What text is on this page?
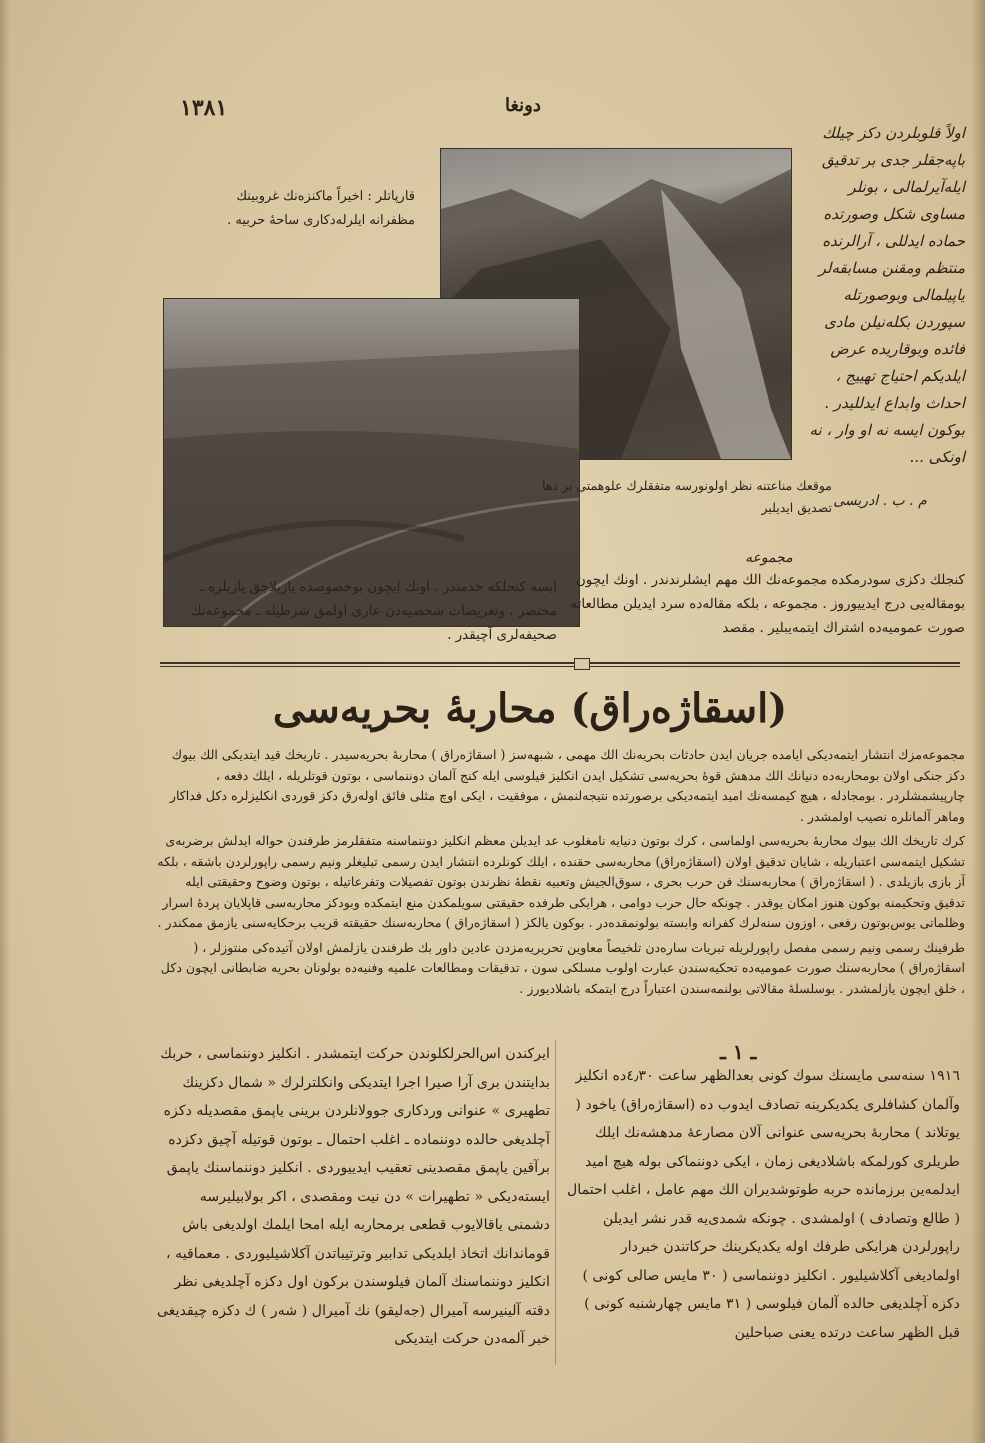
١٣٨١	دونغا
قارپاتلر : اخیراً ماکنزه‌نك غروبینك مظفرانه ایلرله‌دکاری ساحهٔ حربیه .
موقعك مناعتنه نظر اولونورسه متفقلرك علوهمتی بر دها تصدیق ایدیلیر
اولاً قلوبلردن دکز چیلك باپه‌جقلر جدی بر تدقیق ایله‌آیرلمالی ، بونلر مساوی شکل وصورتده حماده ایدللی ، آرالرنده منتظم ومقنن مسابقه‌لر یاپیلمالی وبوصورتله سپوردن بکله‌نیلن مادی فائده وبوقاریده عرض ایلدیکم احتیاج تهییج ، احداث وابداع ایدللیدر . بوکون ایسه نه او وار ، نه اونکی ...
م . ب . ادریسی
مجموعه
کنجلك دکزی سودرمکده مجموعه‌نك الك مهم ایشلرندندر . اونك ایچون بومقاله‌یی درج ایدییوروز . مجموعه ، بلکه مقاله‌ده سرد ایدیلن مطالعاته صورت عمومیه‌ده اشتراك ایتمه‌یبلیر . مقصد
ایسه کنجلکه خدمتدر . اونك ایچون بوخصوصده یازیلاجق یازیلره ـ مختصر ، وتعریضات شخصیه‌دن عاری اولمق شرطیله ـ مجموعه‌نك صحیفه‌لری آچیقدر .
(اسقاژه‌راق) محاربهٔ بحریه‌سی

مجموعه‌مزك انتشار ایتمه‌دیکی ایامده جریان ایدن حادثات بحریه‌نك الك مهمی ، شبهه‌سز ( اسقاژه‌راق ) محاربهٔ بحریه‌سیدر . تاریخك قید ایتدیکی الك بیوك دکز جنکی اولان بومحاربه‌ده دنیانك الك مدهش قوهٔ بحریه‌سی تشکیل ایدن انکلیز فیلوسی ایله کنج آلمان دوننماسی ، بوتون قوتلریله ، ایلك دفعه ، چارپیشمشلردر . بومجادله ، هیچ کیمسه‌نك امید ایتمه‌دیکی برصورتده نتیجه‌لنمش ، موفقیت ، ایکی اوچ مثلی فائق اوله‌رق دکز قوردی انکلیزلره دکل فداکار وماهر آلمانلره نصیب اولمشدر .

کرك تاریخك الك بیوك محاربهٔ بحریه‌سی اولماسی ، کرك بوتون دنیایه نامغلوب عد ایدیلن معظم انکلیز دوننماسنه متفقلرمز طرفندن حواله ایدلش برضربه‌ی تشکیل ایتمه‌سی اعتباریله ، شایان تدقیق اولان (اسقاژه‌راق) محاربه‌سی حقنده ، ایلك کونلرده انتشار ایدن رسمی تبلیغلر ونیم رسمی راپورلردن باشقه ، بلکه آز بازی بازیلدی . ( اسقاژه‌راق ) محاربه‌سنك فن حرب بحری ، سوق‌الجیش وتعبیه نقطهٔ نظرندن بوتون تفصیلات وتفرعاتیله ، بوتون وضوح وحقیقتی ایله تدقیق وتحکیمنه بوکون هنوز امکان یوقدر . چونکه حال حرب دوامی ، هرایکی طرفده حقیقتی سویلمکدن منع ایتمکده وبودکز محاربه‌سی قاپلایان پردهٔ اسرار وظلماتی یوس‌بوتون رفعی ، اوزون سنه‌لرك کفرانه وابسته بولونمقده‌در . بوکون یالکز ( اسقاژه‌راق ) محاربه‌سنك حقیقته قریب برحکایه‌سنی یازمق ممکندر .

طرفینك رسمی ونیم رسمی مفصل راپورلریله تبریات ساره‌دن تلخیصاً معاوین تحریریه‌مزدن عادین داور بك طرفندن یازلمش اولان آتیده‌کی منتوزلر ، ( اسقاژه‌راق ) محاربه‌سنك صورت عمومیه‌ده تحکیه‌سندن عبارت اولوب مسلکی سون ، تدقیقات ومطالعات علمیه وفنیه‌ده بولونان بحریه ضابطانی ایچون دکل ، خلق ایچون یازلمشدر . بوسلسلهٔ مقالاتی بولنمه‌سندن اعتباراً درج ایتمکه باشلادیورز .

ـ ١ ـ
١٩١٦ سنه‌سی مایسنك سوك کونی بعدالظهر ساعت ٤٫٣٠ده انکلیز وآلمان کشافلری یکدیکرینه تصادف ایدوب ده (اسقاژه‌راق) یاخود ( یوتلاند ) محاربهٔ بحریه‌سی عنوانی آلان مصارعهٔ مدهشه‌نك ایلك طریلری کورلمکه باشلادیغی زمان ، ایکی دوننماکی بوله هیچ امید ایدلمه‌ین برزمانده حربه طوتوشدیران الك مهم عامل ، اغلب احتمال ( طالع وتصادف ) اولمشدی . چونکه شمدی‌یه قدر نشر ایدیلن راپورلردن هرایکی طرفك اوله‌ یکدیکرینك حرکاتندن خبردار اولمادیغی آکلاشیلیور . انکلیز دوننماسی ( ٣٠ مایس صالی کونی ) دکزه آچلدیغی حالده آلمان فیلوسی ( ٣١ مایس چهارشنبه کونی ) قبل الظهر ساعت درتده یعنی صباحلین
ایرکندن اس‌الحرلکلوندن حرکت ایتمشدر . انکلیز دوننماسی ، حربك بدایتندن بری آرا صیرا اجرا ایتدیکی وانکلترلرك « شمال دکزینك تطهیری » عنوانی وردکاری جوولانلردن برینی یاپمق مقصدیله دکزه آچلدیغی حالده دوننماده ـ اغلب احتمال ـ بوتون قوتیله آچیق دکزده برآقین یاپمق مقصدینی تعقیب ایدییوردی . انکلیز دوننماسنك یاپمق ایسته‌دیکی « تطهیرات » دن نیت ومقصدی ، اکر بولابیلیرسه دشمنی یاقالایوب قطعی برمحاربه ایله امحا ایلمك اولدیغی باش قوماندانك اتخاذ ایلدیکی تدابیر وترتیباتدن آکلاشیلیوردی . معماقیه ، انکلیز دوننماسنك آلمان فیلوسندن برکون اول دکزه آچلدیغی نظر دقته آلینیرسه آمیرال (جه‌لیقو) نك آمیرال ( شه‌ر ) ك دکزه چیقدیغی خبر آلمه‌دن حرکت ایتدیکی
